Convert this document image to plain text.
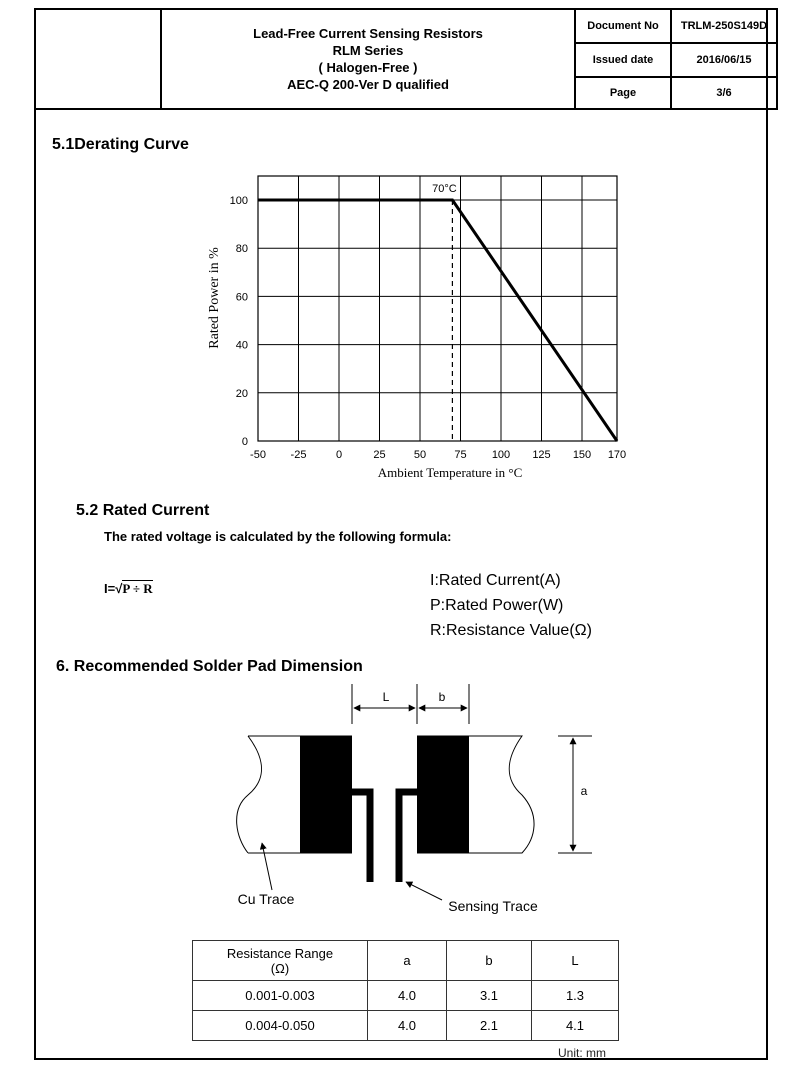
	Lead-Free Current Sensing Resistors
RLM Series
( Halogen-Free )
AEC-Q 200-Ver D qualified	Document No	TRLM-250S149D
		Issued date	2016/06/15
		Page	3/6
5.1Derating Curve
-50 -25	0	25	50	75 100 125 150 170
0
20
40
60
80
100
70°C
Ambient Temperature in °C
Rated Power in %
5.2 Rated Current
The rated voltage is calculated by the following formula:
I=√P ÷ R	I:Rated Current(A)
P:Rated Power(W)
R:Resistance Value(Ω)
6. Recommended Solder Pad Dimension
L	b
a
Cu Trace	Sensing Trace
Resistance Range
(Ω)	a	b	L
0.001-0.003	4.0	3.1	1.3
0.004-0.050	4.0	2.1	4.1
Unit: mm
